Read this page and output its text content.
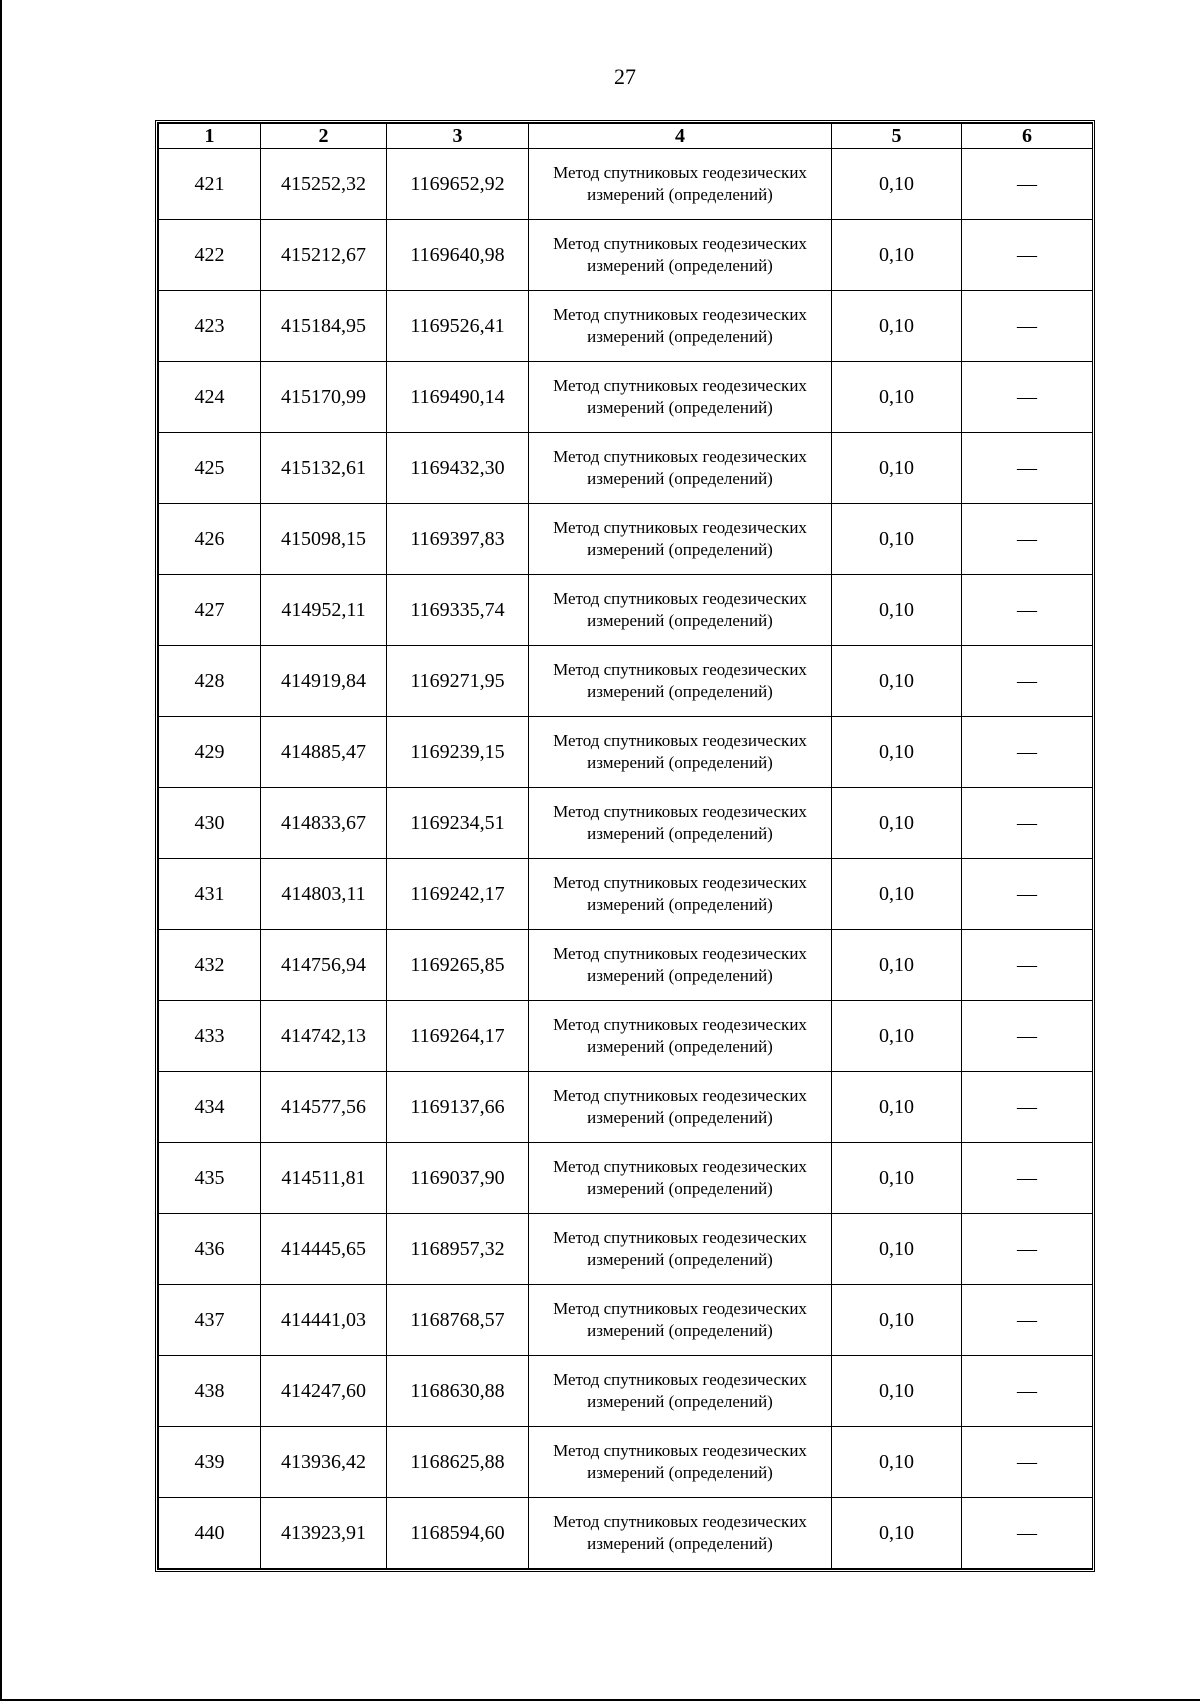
27
1	2	3	4	5	6
421	415252,32	1169652,92	Метод спутниковых геодезических измерений (определений)	0,10	—
422	415212,67	1169640,98	Метод спутниковых геодезических измерений (определений)	0,10	—
423	415184,95	1169526,41	Метод спутниковых геодезических измерений (определений)	0,10	—
424	415170,99	1169490,14	Метод спутниковых геодезических измерений (определений)	0,10	—
425	415132,61	1169432,30	Метод спутниковых геодезических измерений (определений)	0,10	—
426	415098,15	1169397,83	Метод спутниковых геодезических измерений (определений)	0,10	—
427	414952,11	1169335,74	Метод спутниковых геодезических измерений (определений)	0,10	—
428	414919,84	1169271,95	Метод спутниковых геодезических измерений (определений)	0,10	—
429	414885,47	1169239,15	Метод спутниковых геодезических измерений (определений)	0,10	—
430	414833,67	1169234,51	Метод спутниковых геодезических измерений (определений)	0,10	—
431	414803,11	1169242,17	Метод спутниковых геодезических измерений (определений)	0,10	—
432	414756,94	1169265,85	Метод спутниковых геодезических измерений (определений)	0,10	—
433	414742,13	1169264,17	Метод спутниковых геодезических измерений (определений)	0,10	—
434	414577,56	1169137,66	Метод спутниковых геодезических измерений (определений)	0,10	—
435	414511,81	1169037,90	Метод спутниковых геодезических измерений (определений)	0,10	—
436	414445,65	1168957,32	Метод спутниковых геодезических измерений (определений)	0,10	—
437	414441,03	1168768,57	Метод спутниковых геодезических измерений (определений)	0,10	—
438	414247,60	1168630,88	Метод спутниковых геодезических измерений (определений)	0,10	—
439	413936,42	1168625,88	Метод спутниковых геодезических измерений (определений)	0,10	—
440	413923,91	1168594,60	Метод спутниковых геодезических измерений (определений)	0,10	—
